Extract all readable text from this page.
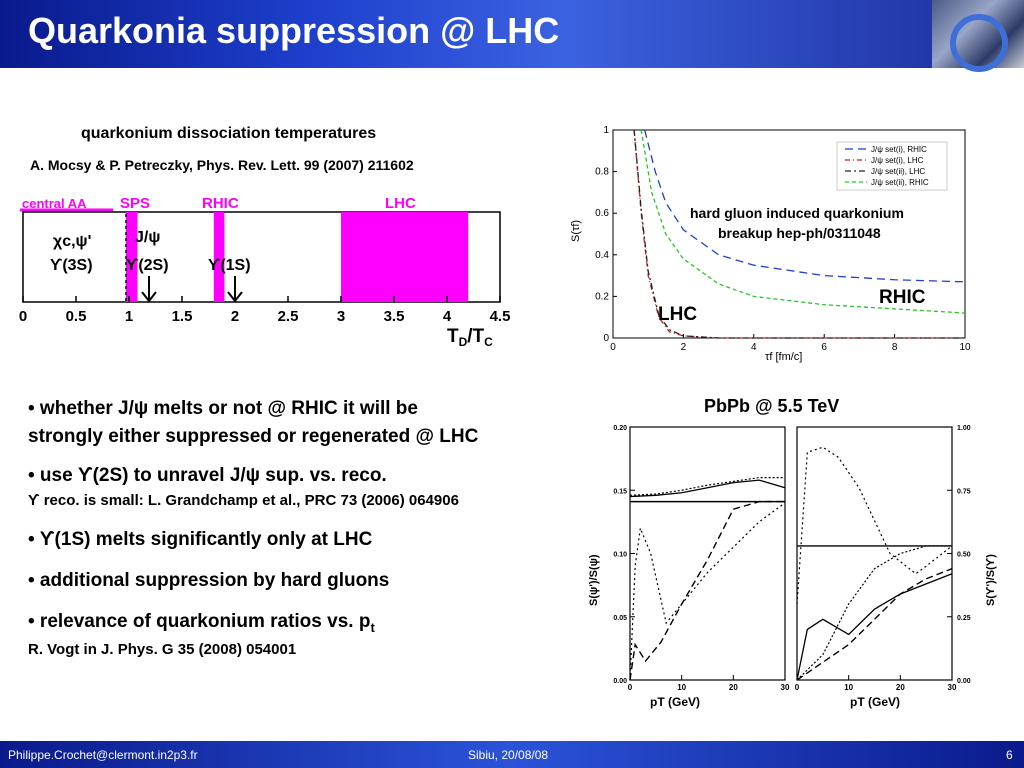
Quarkonia suppression @ LHC
quarkonium dissociation temperatures
A. Mocsy & P. Petreczky, Phys. Rev. Lett. 99 (2007) 211602
central AA SPS	RHIC	LHC
χc,ψ'	J/ψ
ϒ(3S) ϒ(2S) ϒ(1S)
0	0.5	1	1.5	2	2.5	3	3.5	4	4.5
$T_D/T_C$	0	2	4	6	8	10
0
0.2
0.4
0.6
0.8
1
J/ψ set(i), RHIC
J/ψ set(i), LHC
J/ψ set(ii), LHC
J/ψ set(ii), RHIC
S(τf)
τf [fm/c]
hard gluon induced quarkonium
breakup hep-ph/0311048
LHC
RHIC
PbPb @ 5.5 TeV
0	10	20	30
0.00
0.05
0.10
0.15
0.20
0	10	20	30
0.00
0.25
0.50
0.75
1.00
S(ψ')/S(ψ)	S(ϒ')/S(ϒ)
pT (GeV)	pT (GeV)
• whether J/ψ melts or not @ RHIC it will be
strongly either suppressed or regenerated @ LHC
• use ϒ(2S) to unravel J/ψ sup. vs. reco.
ϒ reco. is small: L. Grandchamp et al., PRC 73 (2006) 064906
• ϒ(1S) melts significantly only at LHC
• additional suppression by hard gluons
• relevance of quarkonium ratios vs. $p_t$
R. Vogt in J. Phys. G 35 (2008) 054001
Philippe.Crochet@clermont.in2p3.fr	Sibiu, 20/08/08	6
